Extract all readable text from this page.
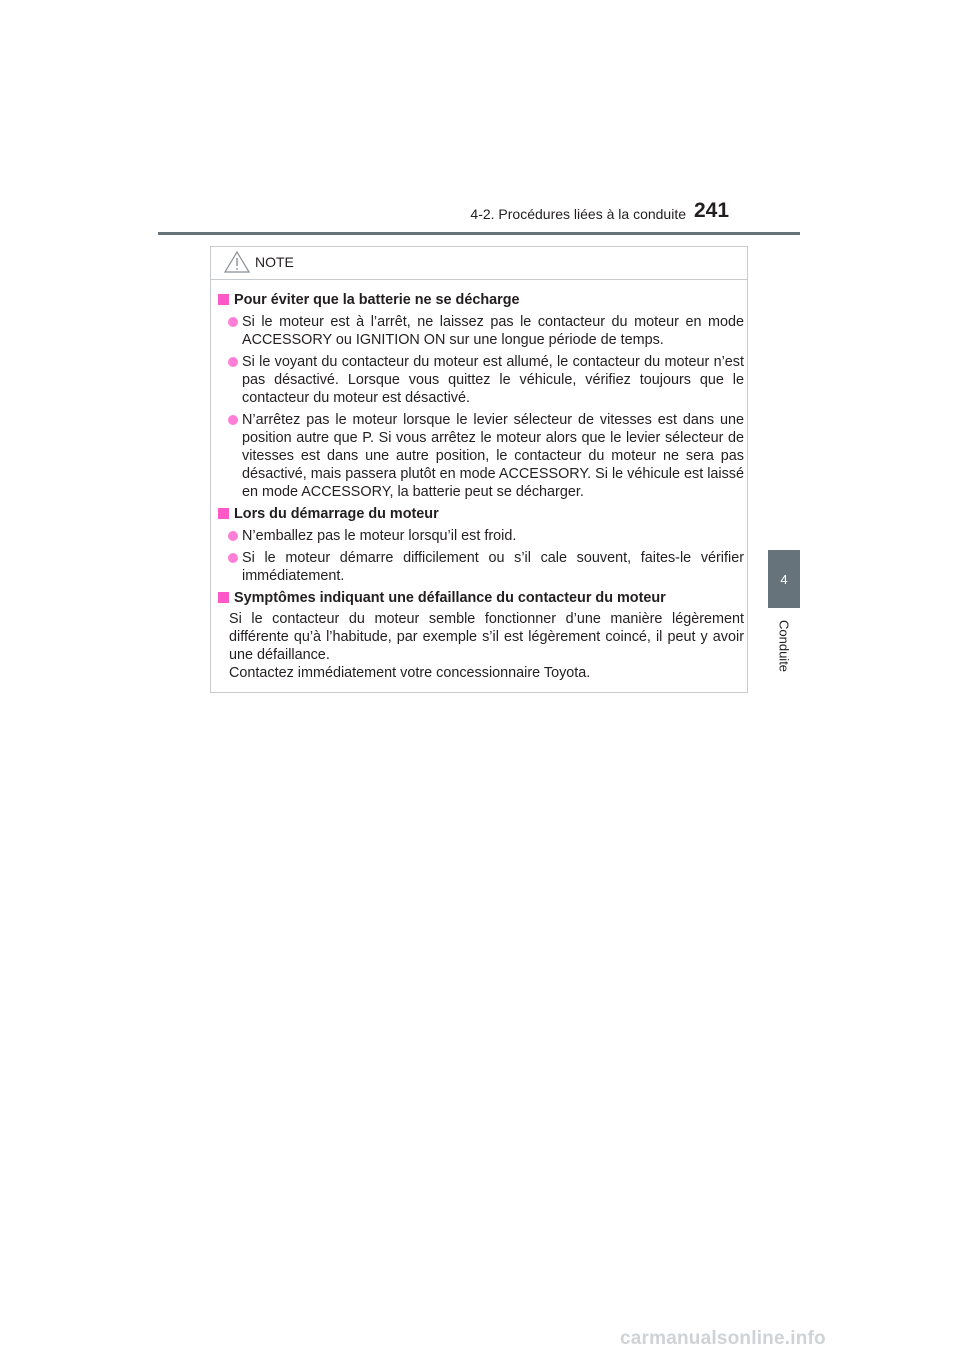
4-2. Procédures liées à la conduite 241
4
Conduite
NOTE
Pour éviter que la batterie ne se décharge
Si le moteur est à l’arrêt, ne laissez pas le contacteur du moteur en mode ACCESSORY ou IGNITION ON sur une longue période de temps.
Si le voyant du contacteur du moteur est allumé, le contacteur du moteur n’est pas désactivé. Lorsque vous quittez le véhicule, vérifiez toujours que le contacteur du moteur est désactivé.
N’arrêtez pas le moteur lorsque le levier sélecteur de vitesses est dans une position autre que P. Si vous arrêtez le moteur alors que le levier sélecteur de vitesses est dans une autre position, le contacteur du moteur ne sera pas désactivé, mais passera plutôt en mode ACCESSORY. Si le véhicule est laissé en mode ACCESSORY, la batterie peut se décharger.
Lors du démarrage du moteur
N’emballez pas le moteur lorsqu’il est froid.
Si le moteur démarre difficilement ou s’il cale souvent, faites-le vérifier immédiatement.
Symptômes indiquant une défaillance du contacteur du moteur

Si le contacteur du moteur semble fonctionner d’une manière légèrement différente qu’à l’habitude, par exemple s’il est légèrement coincé, il peut y avoir une défaillance.

Contactez immédiatement votre concessionnaire Toyota.

carmanualsonline.info
